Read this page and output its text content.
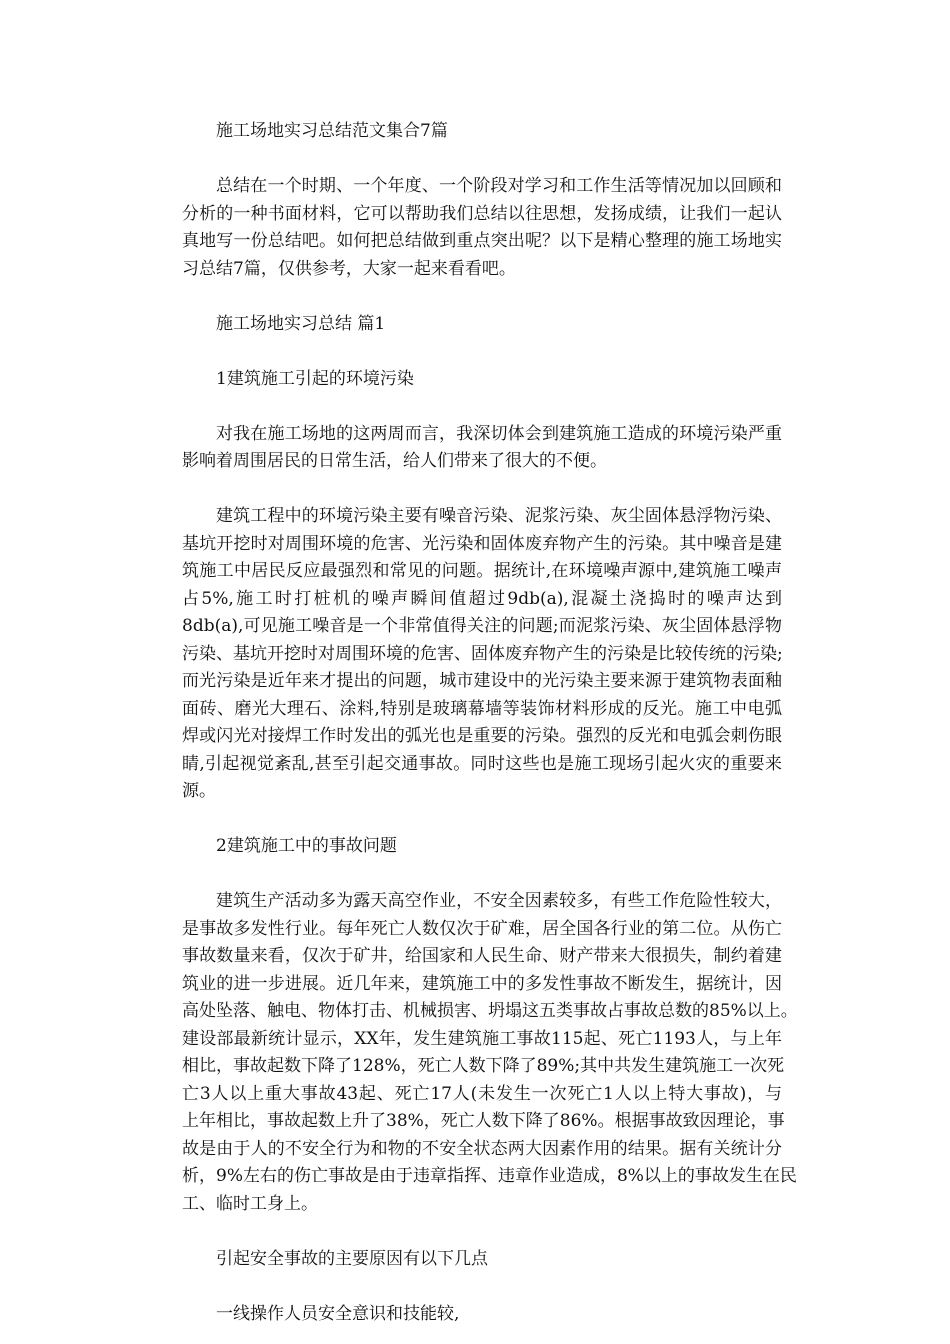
施工场地实习总结范文集合7篇
总结在一个时期、一个年度、一个阶段对学习和工作生活等情况加以回顾和
分析的一种书面材料，它可以帮助我们总结以往思想，发扬成绩，让我们一起认
真地写一份总结吧。如何把总结做到重点突出呢？以下是精心整理的施工场地实
习总结7篇，仅供参考，大家一起来看看吧。
施工场地实习总结 篇1
1建筑施工引起的环境污染
对我在施工场地的这两周而言，我深切体会到建筑施工造成的环境污染严重
影响着周围居民的日常生活，给人们带来了很大的不便。
建筑工程中的环境污染主要有噪音污染、泥浆污染、灰尘固体悬浮物污染、
基坑开挖时对周围环境的危害、光污染和固体废弃物产生的污染。其中噪音是建
筑施工中居民反应最强烈和常见的问题。据统计,在环境噪声源中,建筑施工噪声
占5%,施工时打桩机的噪声瞬间值超过9db(a),混凝土浇捣时的噪声达到
8db(a),可见施工噪音是一个非常值得关注的问题;而泥浆污染、灰尘固体悬浮物
污染、基坑开挖时对周围环境的危害、固体废弃物产生的污染是比较传统的污染;
而光污染是近年来才提出的问题，城市建设中的光污染主要来源于建筑物表面釉
面砖、磨光大理石、涂料,特别是玻璃幕墙等装饰材料形成的反光。施工中电弧
焊或闪光对接焊工作时发出的弧光也是重要的污染。强烈的反光和电弧会刺伤眼
睛,引起视觉紊乱,甚至引起交通事故。同时这些也是施工现场引起火灾的重要来
源。
2建筑施工中的事故问题
建筑生产活动多为露天高空作业，不安全因素较多，有些工作危险性较大，
是事故多发性行业。每年死亡人数仅次于矿难，居全国各行业的第二位。从伤亡
事故数量来看，仅次于矿井，给国家和人民生命、财产带来大很损失，制约着建
筑业的进一步进展。近几年来，建筑施工中的多发性事故不断发生，据统计，因
高处坠落、触电、物体打击、机械损害、坍塌这五类事故占事故总数的85%以上。
建设部最新统计显示，XX年，发生建筑施工事故115起、死亡1193人，与上年
相比，事故起数下降了128%，死亡人数下降了89%;其中共发生建筑施工一次死
亡3人以上重大事故43起、死亡17人(未发生一次死亡1人以上特大事故)，与
上年相比，事故起数上升了38%，死亡人数下降了86%。根据事故致因理论，事
故是由于人的不安全行为和物的不安全状态两大因素作用的结果。据有关统计分
析，9%左右的伤亡事故是由于违章指挥、违章作业造成，8%以上的事故发生在民
工、临时工身上。
引起安全事故的主要原因有以下几点
一线操作人员安全意识和技能较,
